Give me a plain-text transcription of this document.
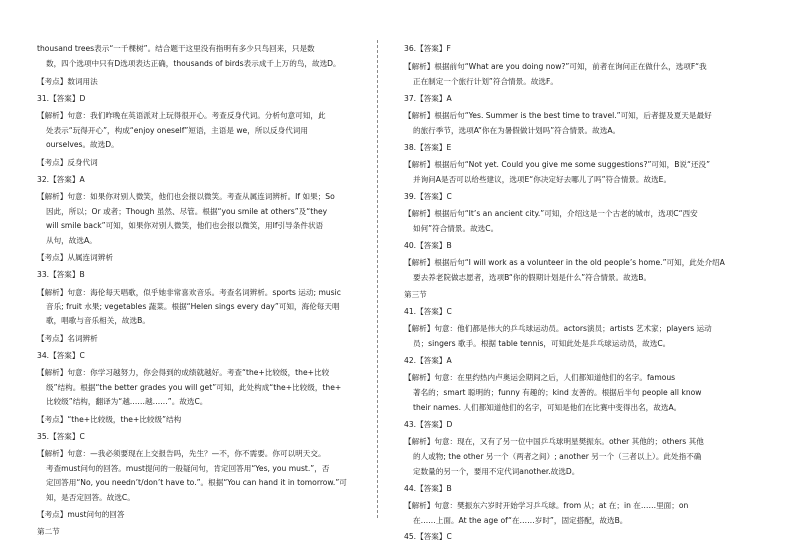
thousand trees表示“一千棵树”。结合题干这里没有指明有多少只鸟回来，只是数
数，四个选项中只有D选项表达正确，thousands of birds表示成千上万的鸟，故选D。
【考点】数词用法
31.【答案】D
【解析】句意：我们昨晚在英语派对上玩得很开心。考查反身代词。分析句意可知，此
处表示“玩得开心”，构成“enjoy oneself”短语，主语是 we，所以反身代词用
ourselves。故选D。
【考点】反身代词
32.【答案】A
【解析】句意：如果你对别人微笑，他们也会报以微笑。考查从属连词辨析。If 如果；So
因此，所以；Or 或者；Though 虽然、尽管。根据“you smile at others”及“they
will smile back”可知，如果你对别人微笑，他们也会报以微笑，用If引导条件状语
从句，故选A。
【考点】从属连词辨析
33.【答案】B
【解析】句意：海伦每天唱歌，似乎她非常喜欢音乐。考查名词辨析。sports 运动; music
音乐; fruit 水果; vegetables 蔬菜。根据“Helen sings every day”可知，海伦每天唱
歌，唱歌与音乐相关，故选B。
【考点】名词辨析
34.【答案】C
【解析】句意：你学习越努力，你会得到的成绩就越好。考查“the+比较级，the+比较
级”结构。根据“the better grades you will get”可知，此处构成“the+比较级，the+
比较级”结构，翻译为“越……越……”。故选C。
【考点】“the+比较级，the+比较级”结构
35.【答案】C
【解析】句意：—我必须要现在上交报告吗，先生？—不，你不需要。你可以明天交。
考查must问句的回答。must提问的一般疑问句，肯定回答用“Yes, you must.”，否
定回答用“No, you needn’t/don’t have to.”。根据“You can hand it in tomorrow.”可
知，是否定回答。故选C。
【考点】must问句的回答
第二节
36.【答案】F
【解析】根据前句“What are you doing now?”可知，前者在询问正在做什么，选项F“我
正在制定一个旅行计划”符合情景。故选F。
37.【答案】A
【解析】根据后句“Yes. Summer is the best time to travel.”可知，后者提及夏天是最好
的旅行季节，选项A“你在为暑假做计划吗”符合情景。故选A。
38.【答案】E
【解析】根据后句“Not yet. Could you give me some suggestions?”可知，B说“还没”
并询问A是否可以给些建议，选项E“你决定好去哪儿了吗”符合情景。故选E。
39.【答案】C
【解析】根据后句“It’s an ancient city.”可知，介绍这是一个古老的城市，选项C“西安
如何”符合情景。故选C。
40.【答案】B
【解析】根据后句“I will work as a volunteer in the old people’s home.”可知，此处介绍A
要去养老院做志愿者，选项B“你的假期计划是什么”符合情景。故选B。
第三节
41.【答案】C
【解析】句意：他们都是伟大的乒乓球运动员。actors演员；artists 艺术家；players 运动
员；singers 歌手。根据 table tennis，可知此处是乒乓球运动员，故选C。
42.【答案】A
【解析】句意：在里约热内卢奥运会期间之后，人们都知道他们的名字。famous
著名的；smart 聪明的；funny 有趣的；kind 友善的。根据后半句 people all know
their names. 人们都知道他们的名字，可知是他们在比赛中变得出名，故选A。
43.【答案】D
【解析】句意：现在，又有了另一位中国乒乓球明星樊振东。other 其他的；others 其他
的人或物; the other 另一个（两者之间）; another 另一个（三者以上）。此处指不确
定数量的另一个，要用不定代词another.故选D。
44.【答案】B
【解析】句意：樊振东六岁时开始学习乒乓球。from 从；at 在；in 在……里面；on
在……上面。At the age of“在……岁时”，固定搭配，故选B。
45.【答案】C
